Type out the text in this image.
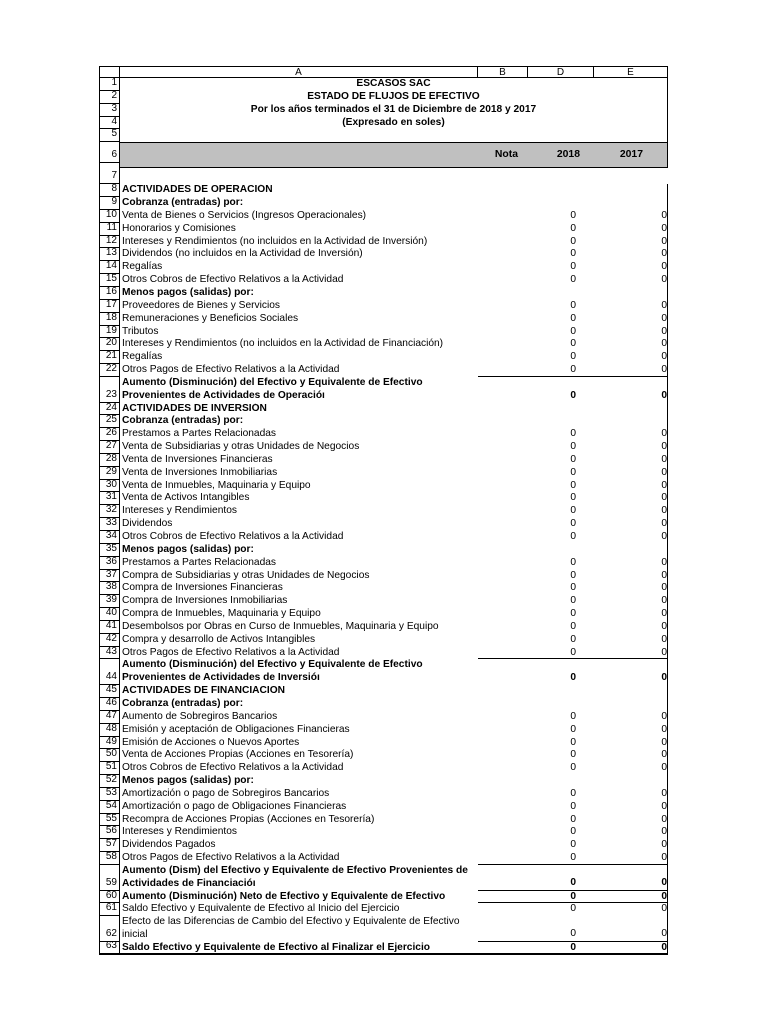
A	B	D	E
1	ESCASOS SAC
2	ESTADO DE FLUJOS DE EFECTIVO
3	Por los años terminados el 31 de Diciembre de 2018 y 2017
4	(Expresado en soles)
5
6
7
Nota	2018	2017
8 ACTIVIDADES DE OPERACIÓN
9 Cobranza (entradas) por:
10 Venta de Bienes o Servicios (Ingresos Operacionales)	0	0
11 Honorarios y Comisiones	0	0
12 Intereses y Rendimientos (no incluidos en la Actividad de Inversión)	0	0
13 Dividendos (no incluidos en la Actividad de Inversión)	0	0
14 Regalías	0	0
15 Otros Cobros de Efectivo Relativos a la Actividad	0	0
16 Menos pagos (salidas) por:
17 Proveedores de Bienes y Servicios	0	0
18 Remuneraciones y Beneficios Sociales	0	0
19 Tributos	0	0
20 Intereses y Rendimientos (no incluidos en la Actividad de Financiación)	0	0
21 Regalías	0	0
22 Otros Pagos de Efectivo Relativos a la Actividad	0	0
23
Aumento (Disminución) del Efectivo y Equivalente de Efectivo Provenientes de Actividades de Operacióı	0	0
24 ACTIVIDADES DE INVERSIÓN
25 Cobranza (entradas) por:
26 Prestamos a Partes Relacionadas	0	0
27 Venta de Subsidiarias y otras Unidades de Negocios	0	0
28 Venta de Inversiones Financieras	0	0
29 Venta de Inversiones Inmobiliarias	0	0
30 Venta de Inmuebles, Maquinaria y Equipo	0	0
31 Venta de Activos Intangibles	0	0
32 Intereses y Rendimientos	0	0
33 Dividendos	0	0
34 Otros Cobros de Efectivo Relativos a la Actividad	0	0
35 Menos pagos (salidas) por:
36 Prestamos a Partes Relacionadas	0	0
37 Compra de Subsidiarias y otras Unidades de Negocios	0	0
38 Compra de Inversiones Financieras	0	0
39 Compra de Inversiones Inmobiliarias	0	0
40 Compra de Inmuebles, Maquinaria y Equipo	0	0
41 Desembolsos por Obras en Curso de Inmuebles, Maquinaria y Equipo	0	0
42 Compra y desarrollo de Activos Intangibles	0	0
43 Otros Pagos de Efectivo Relativos a la Actividad	0	0
44
Aumento (Disminución) del Efectivo y Equivalente de Efectivo Provenientes de Actividades de Inversióı	0	0
45 ACTIVIDADES DE FINANCIACION
46 Cobranza (entradas) por:
47 Aumento de Sobregiros Bancarios	0	0
48 Emisión y aceptación de Obligaciones Financieras	0	0
49 Emisión de Acciones o Nuevos Aportes	0	0
50 Venta de Acciones Propias (Acciones en Tesorería)	0	0
51 Otros Cobros de Efectivo Relativos a la Actividad	0	0
52 Menos pagos (salidas) por:
53 Amortización o pago de Sobregiros Bancarios	0	0
54 Amortización o pago de Obligaciones Financieras	0	0
55 Recompra de Acciones Propias (Acciones en Tesorería)	0	0
56 Intereses y Rendimientos	0	0
57 Dividendos Pagados	0	0
58 Otros Pagos de Efectivo Relativos a la Actividad	0	0
59
Aumento (Dism) del Efectivo y Equivalente de Efectivo Provenientes de Actividades de Financiacióı	0	0
60 Aumento (Disminución) Neto de Efectivo y Equivalente de Efectivo	0	0
61 Saldo Efectivo y Equivalente de Efectivo al Inicio del Ejercicio	0	0
62
Efecto de las Diferencias de Cambio del Efectivo y Equivalente de Efectivo inicial	0	0
63 Saldo Efectivo y Equivalente de Efectivo al Finalizar el Ejercicio	0	0
